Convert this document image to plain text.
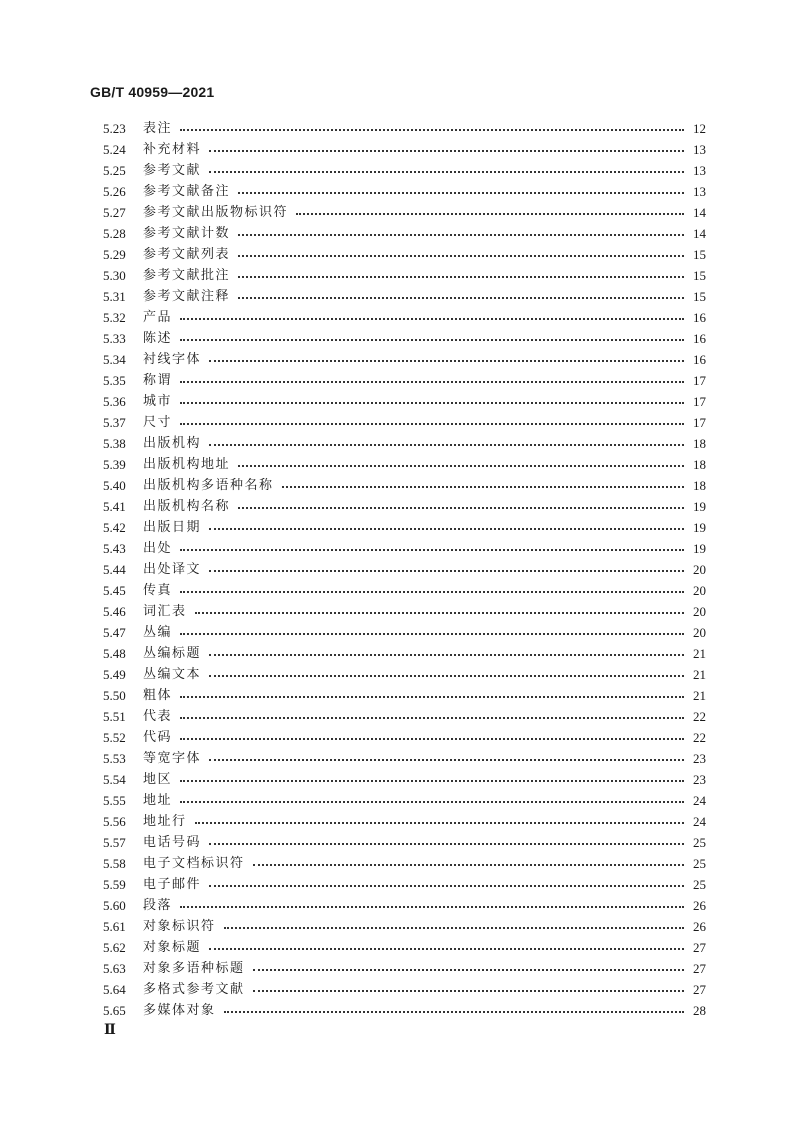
GB/T 40959—2021
5.23	表注	12
5.24	补充材料	13
5.25	参考文献	13
5.26	参考文献备注	13
5.27	参考文献出版物标识符	14
5.28	参考文献计数	14
5.29	参考文献列表	15
5.30	参考文献批注	15
5.31	参考文献注释	15
5.32	产品	16
5.33	陈述	16
5.34	衬线字体	16
5.35	称谓	17
5.36	城市	17
5.37	尺寸	17
5.38	出版机构	18
5.39	出版机构地址	18
5.40	出版机构多语种名称	18
5.41	出版机构名称	19
5.42	出版日期	19
5.43	出处	19
5.44	出处译文	20
5.45	传真	20
5.46	词汇表	20
5.47	丛编	20
5.48	丛编标题	21
5.49	丛编文本	21
5.50	粗体	21
5.51	代表	22
5.52	代码	22
5.53	等宽字体	23
5.54	地区	23
5.55	地址	24
5.56	地址行	24
5.57	电话号码	25
5.58	电子文档标识符	25
5.59	电子邮件	25
5.60	段落	26
5.61	对象标识符	26
5.62	对象标题	27
5.63	对象多语种标题	27
5.64	多格式参考文献	27
5.65	多媒体对象	28
Ⅱ
